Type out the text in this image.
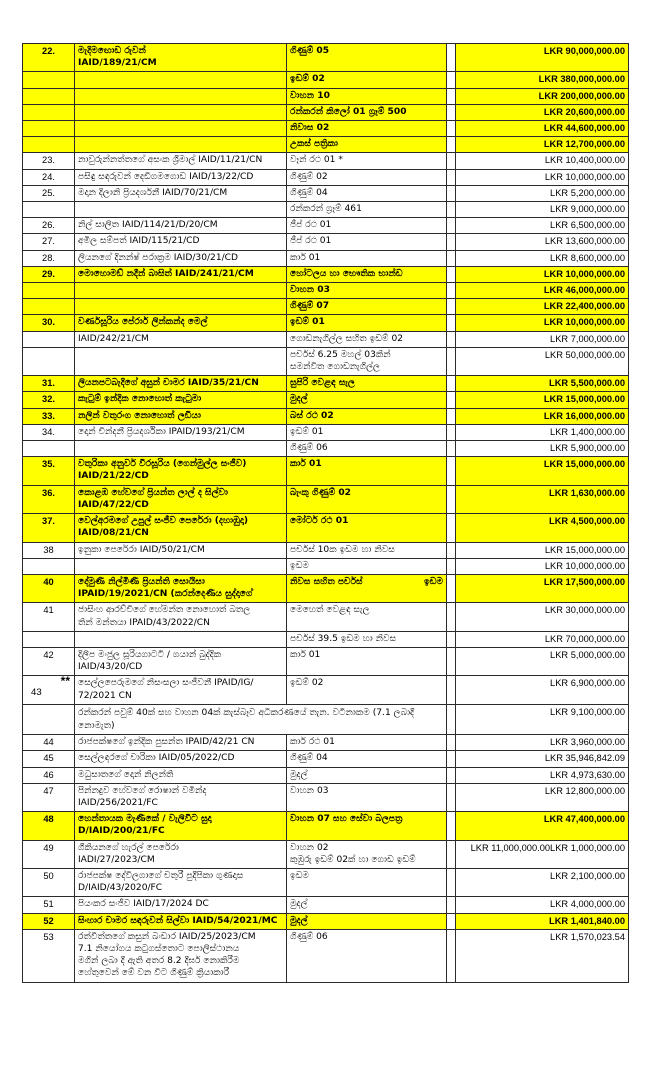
22.	මැදිමඟොඩ රුවන්
IAID/189/21/CM	ගිණුම් 05		LKR 90,000,000.00

		ඉඩම් 02		LKR 380,000,000.00

		වාහන 10		LKR 200,000,000.00

		රන්කරන් කිලෝ 01 ග්‍රෑම් 500		LKR 20,600,000.00

		නිවාස 02		LKR 44,600,000.00

		උකස් පත්‍රිකා		LKR 12,700,000.00
23.	නාවුරුන්නත්තගේ අසංක ශ්‍රීමාල් IAID/11/21/CN	වෑන් රථ 01 *		LKR 10,400,000.00
24.	පසිඳු සඳරුවන් දෙඩිගමගොඩ IAID/13/22/CD	ගිණුම් 02		LKR 10,000,000.00
25.	මදාන දිලානි ප්‍රියදර්ශනී IAID/70/21/CM	ගිණුම් 04		LKR 5,200,000.00

		රන්කරන් ග්‍රෑම් 461		LKR 9,000,000.00
26.	නිල් සාලිත IAID/114/21/D/20/CM	ජීප් රථ 01		LKR 6,500,000.00
27.	අමිල සම්පත් IAID/115/21/CD	ජීප් රථ 01		LKR 13,600,000.00
28.	ලියනගේ දිනන්ෂ් පරාක්‍රම IAID/30/21/CD	කාර් 01		LKR 8,600,000.00
29.	මොහොමඩ් නදීන් බාසිත් IAID/241/21/CM	හෝටලය හා භෞතික භාන්ඩ		LKR 10,000,000.00

		වාහන 03		LKR 46,000,000.00

		ගිණුම් 07		LKR 22,400,000.00
30.	වර්ණසූරිය පේරාර් ලින්කන්ද මෙල්	ඉඩම් 01		LKR 10,000,000.00

	IAID/242/21/CM	ගොඩනැගිල්ල සහිත ඉඩම් 02		LKR 7,000,000.00

		පර්චස් 6.25 මහල් 03කින්
සමන්විත ගොඩනැගිල්ල		LKR 50,000,000.00
31.	ලියනපටබැදිගේ අසුන් චාමර IAID/35/21/CN	සුපිරි වෙළඳ සැල		LKR 5,500,000.00
32.	කැටුම් ඉන්දික නොහොත් කැටුමා	මුදල්		LKR 15,000,000.00
33.	නලින් වතුරංග නොහොත් ලඩියා	බස් රථ 02		LKR 16,000,000.00
34.	දොන් චින්දනී ප්‍රියදර්ශිකා IPAID/193/21/CM	ඉඩම් 01		LKR 1,400,000.00

		ගිණුම් 06		LKR 5,900,000.00
35.	වතුරිකා අනුවර් විරසූරිය (ගෙන්මුල්ල සංජීව)
IAID/21/22/CD	කාර් 01		LKR 15,000,000.00
36.	කොළඹ හේවගේ ප්‍රියන්ත ලාල් ද සිල්වා
IAID/47/22/CD	බැංකු ගිණුම් 02		LKR 1,630,000.00
37.	වෙල්අරමගේ උපුල් සංජීව පෙරේරා (දහාඹුදා)
IAID/08/21/CN	මෝටර් රථ 01		LKR 4,500,000.00
38	ඉනුකා පෙරේරා IAID/50/21/CM	පර්චස් 10ක ඉඩම හා නිවස		LKR 15,000,000.00

		ඉඩම		LKR 10,000,000.00
40	දේමුණි නිල්මිණි ප්‍රියන්ති සොයිසා
IPAID/19/2021/CN (කරන්දෙණිය සුද්දාගේ	නිවස සහිත පර්චස් ඉඩම		LKR 17,500,000.00
41	ජාසිංහ ආරච්චිගේ හේමන්ත නොහොත් බතල
තින් මන්තයා IPAID/43/2022/CN	මෙහෙත් වෙළඳ සැල		LKR 30,000,000.00

		පර්චස් 39.5 ඉඩම හා නිවස		LKR 70,000,000.00
42	දිලීප මංජුල සූරියගාටටි / ගයාන් බුද්දික
IAID/43/20/CD	කාර් 01		LKR 5,000,000.00

**
43	සෙල්ලපෙරුමගේ නිසංසලා සංජීවනී IPAID/IG/
72/2021 CN	ඉඩම් 02		LKR 6,900,000.00
	රන්කරන් පවුම් 40ක් සහ වාහන 04ක් කැස්බෑව අධිකරණයේ තැන. වටිනාකම (7.1 ලබාදී නොමැත)			LKR 9,100,000.00
44	රාජපක්ෂගේ ඉන්දික පුසන්ත IPAID/42/21 CN	කාර් රථ 01		LKR 3,960,000.00
45	සෙල්ලඳරගේ චාරිකා IAID/05/2022/CD	ගිණුම් 04		LKR 35,946,842.09
46	මධුසාතගේ දොන් නිලන්ති	මුදල්		LKR 4,973,630.00
47	පින්නදුව හේවගේ රොෂාන් වමින්ද
IAID/256/2021/FC	වාහන 03		LKR 12,800,000.00
48	හෙන්තායක මැණිකේ / වැලිවිට සුදා
D/IAID/200/21/FC	වාහන 07 සහ සේවා බලපත්‍ර		LKR 47,400,000.00
49	ගීකියනගේ හැරල් පෙරේරා
IADI/27/2023/CM	වාහන 02
කුඹුරු ඉඩම් 02ක් හා ගොඩ ඉඩම්		LKR 11,000,000.00LKR 1,000,000.00
50	රාජපක්ෂ දේවිලගාගේ චතුරී පුදීපිකා ගුණදාස
D/IAID/43/2020/FC	ඉඩම		LKR 2,100,000.00
51	පියංකර සංජීව IAID/17/2024 DC	මුදල්		LKR 4,000,000.00
52	සිංහාර චාමර සඳරුවන් සිල්වා IAID/54/2021/MC	මුදල්		LKR 1,401,840.00
53	රත්විත්තගේ කසුන් බංඩාර IAID/25/2023/CM
7.1 නියෝගය කටුගස්තොට පොලිස්ථානය
මගින් ලබා දී ඇති අතර 8.2 දීර්ඝ නොකිරීම
හේතුවෙන් මේ වන විට ගිණුම් ක්‍රියාකාරී	ගිණුම් 06		LKR 1,570,023.54
